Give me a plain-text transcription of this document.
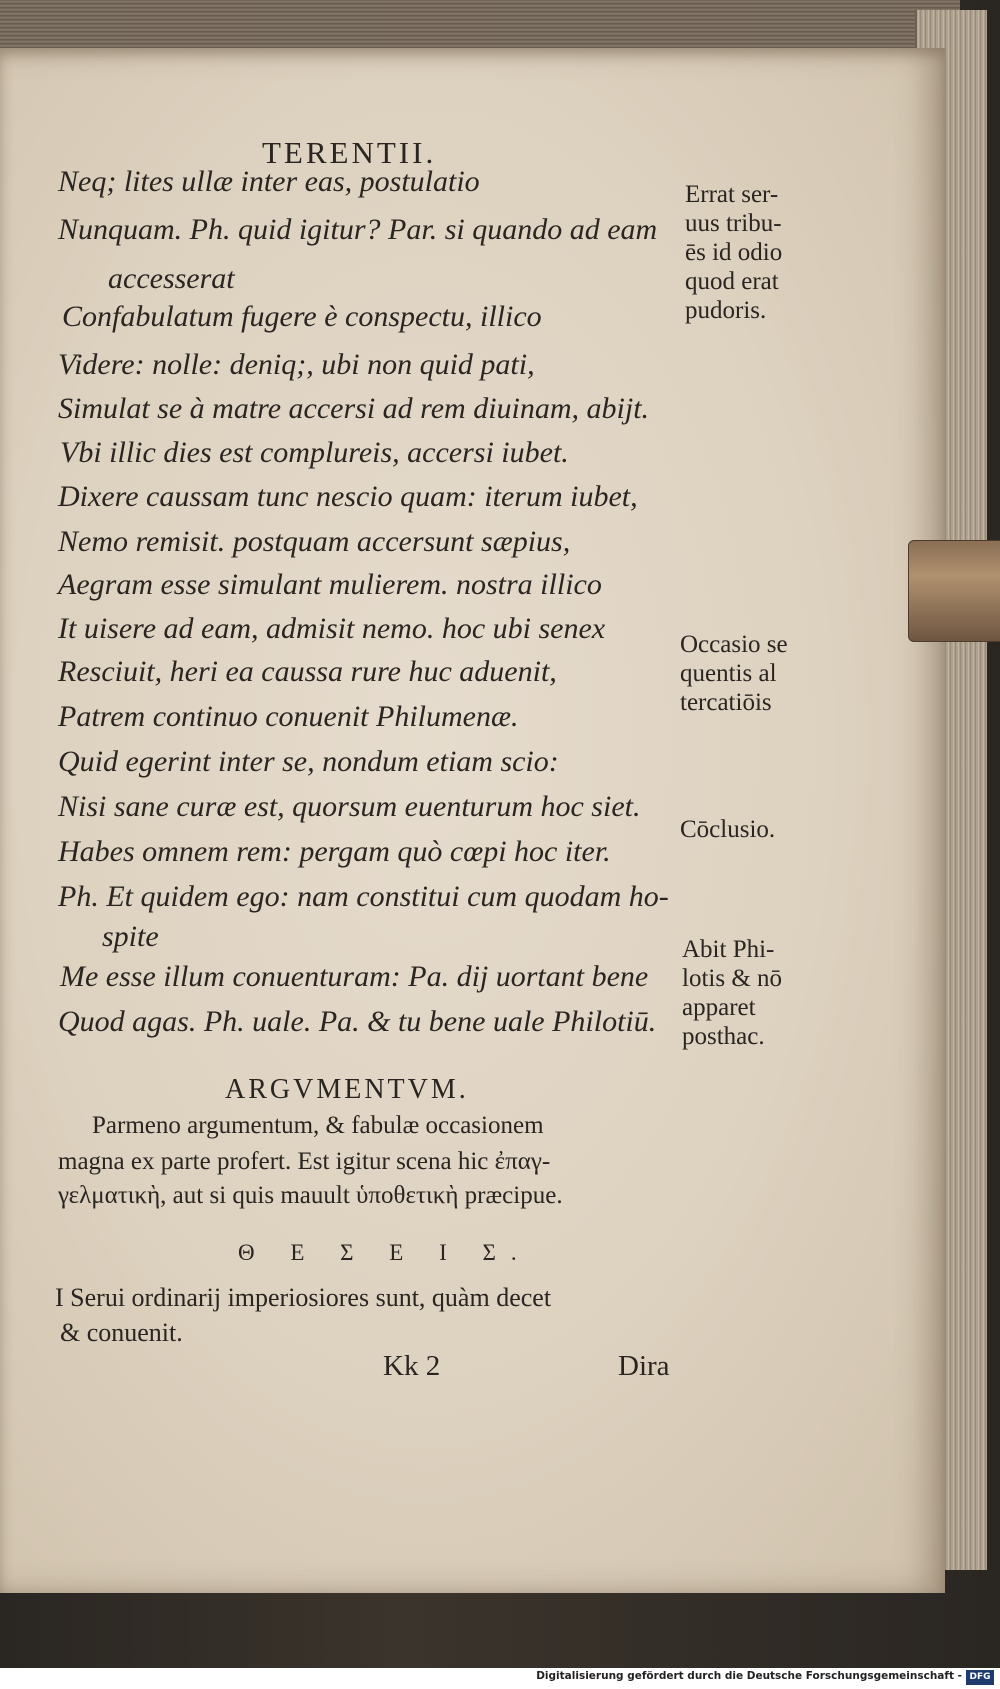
TERENTII.
Neq; lites ullæ inter eas, postulatio
Nunquam. Ph. quid igitur? Par. si quando ad eam
accesserat
Confabulatum fugere è conspectu, illico
Videre: nolle: deniq;, ubi non quid pati,
Simulat se à matre accersi ad rem diuinam, abijt.
Vbi illic dies est complureis, accersi iubet.
Dixere caussam tunc nescio quam: iterum iubet,
Nemo remisit. postquam accersunt sæpius,
Aegram esse simulant mulierem. nostra illico
It uisere ad eam, admisit nemo. hoc ubi senex
Resciuit, heri ea caussa rure huc aduenit,
Patrem continuo conuenit Philumenæ.
Quid egerint inter se, nondum etiam scio:
Nisi sane curæ est, quorsum euenturum hoc siet.
Habes omnem rem: pergam quò cœpi hoc iter.
Ph. Et quidem ego: nam constitui cum quodam ho-
spite
Me esse illum conuenturam: Pa. dij uortant bene
Quod agas. Ph. uale. Pa. & tu bene uale Philotiū.
Errat ser-
uus tribu-
ēs id odio
quod erat
pudoris.
Occasio se
quentis al
tercatiōis
Cōclusio.
Abit Phi-
lotis & nō
apparet
posthac.
ARGVMENTVM.
Parmeno argumentum, & fabulæ occasionem
magna ex parte profert. Est igitur scena hic ἐπαγ-
γελματικὴ, aut si quis mauult ὑποθετικὴ præcipue.
Θ Ε Σ Ε Ι Σ.
I Serui ordinarij imperiosiores sunt, quàm decet
& conuenit.
Kk 2	Dira
Digitalisierung gefördert durch die Deutsche Forschungsgemeinschaft - DFG
